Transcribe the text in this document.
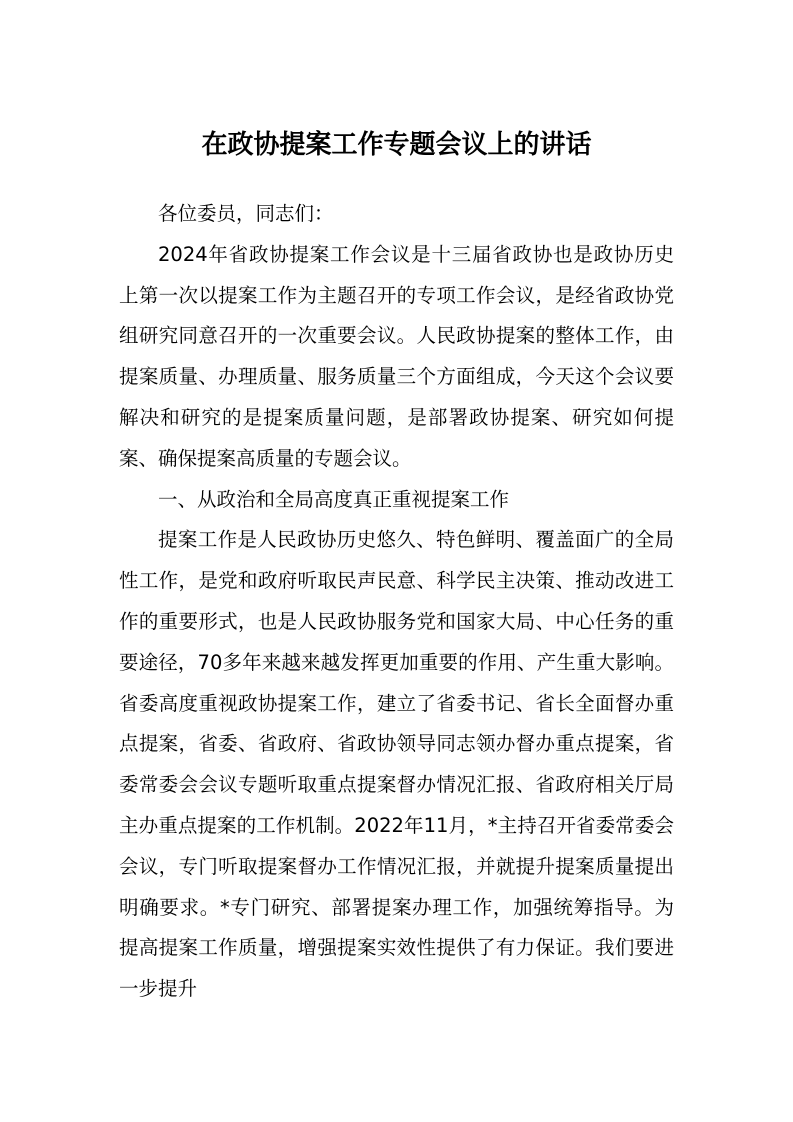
在政协提案工作专题会议上的讲话

各位委员，同志们：

2024年省政协提案工作会议是十三届省政协也是政协历史上第一次以提案工作为主题召开的专项工作会议，是经省政协党组研究同意召开的一次重要会议。人民政协提案的整体工作，由提案质量、办理质量、服务质量三个方面组成，今天这个会议要解决和研究的是提案质量问题，是部署政协提案、研究如何提案、确保提案高质量的专题会议。

一、从政治和全局高度真正重视提案工作

提案工作是人民政协历史悠久、特色鲜明、覆盖面广的全局性工作，是党和政府听取民声民意、科学民主决策、推动改进工作的重要形式，也是人民政协服务党和国家大局、中心任务的重要途径，70多年来越来越发挥更加重要的作用、产生重大影响。省委高度重视政协提案工作，建立了省委书记、省长全面督办重点提案，省委、省政府、省政协领导同志领办督办重点提案，省委常委会会议专题听取重点提案督办情况汇报、省政府相关厅局主办重点提案的工作机制。2022年11月，*主持召开省委常委会会议，专门听取提案督办工作情况汇报，并就提升提案质量提出明确要求。*专门研究、部署提案办理工作，加强统筹指导。为提高提案工作质量，增强提案实效性提供了有力保证。我们要进一步提升
